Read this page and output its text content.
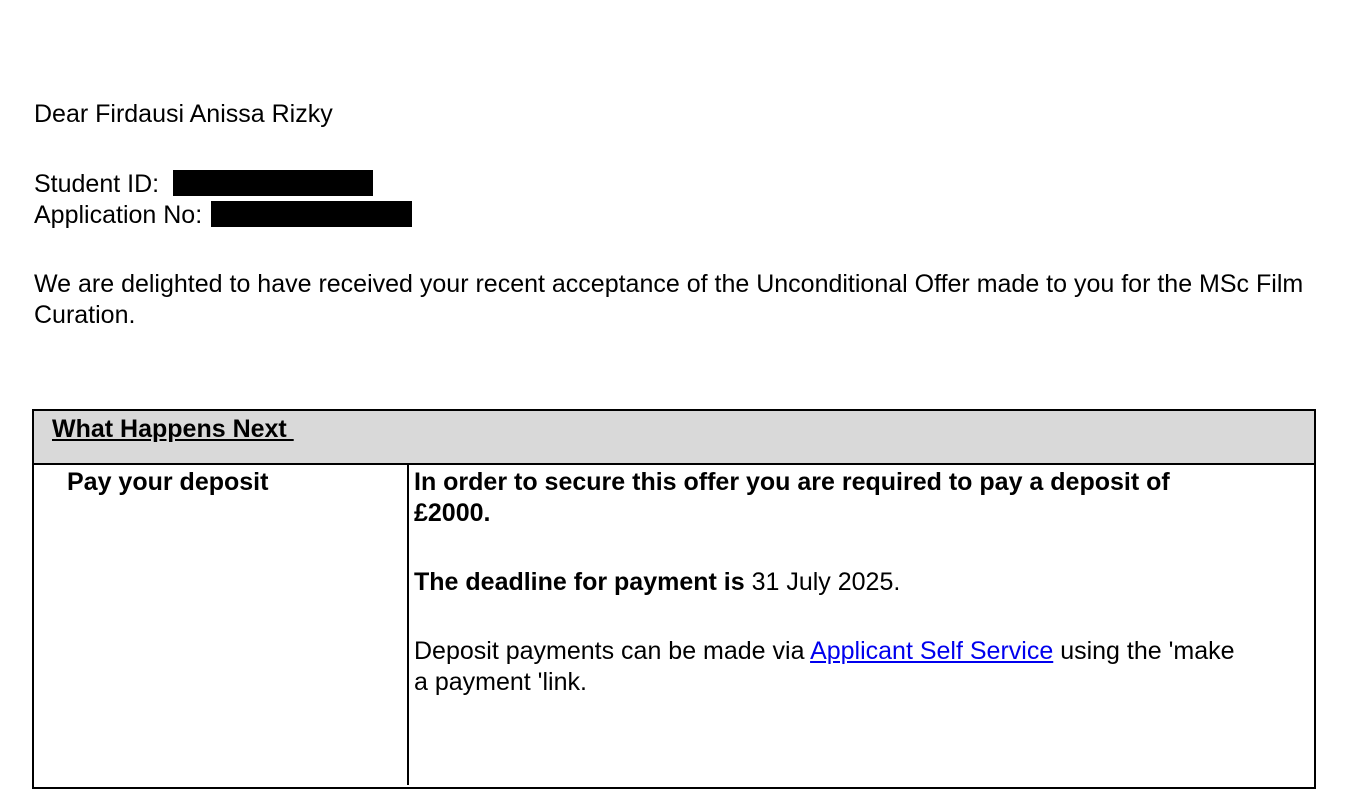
Dear Firdausi Anissa Rizky
Student ID:
Application No:
We are delighted to have received your recent acceptance of the Unconditional Offer made to you for the MSc Film Curation.
What Happens Next
Pay your deposit	In order to secure this offer you are required to pay a deposit of £2000.

The deadline for payment is 31 July 2025.

Deposit payments can be made via Applicant Self Service using the 'make a payment 'link.
